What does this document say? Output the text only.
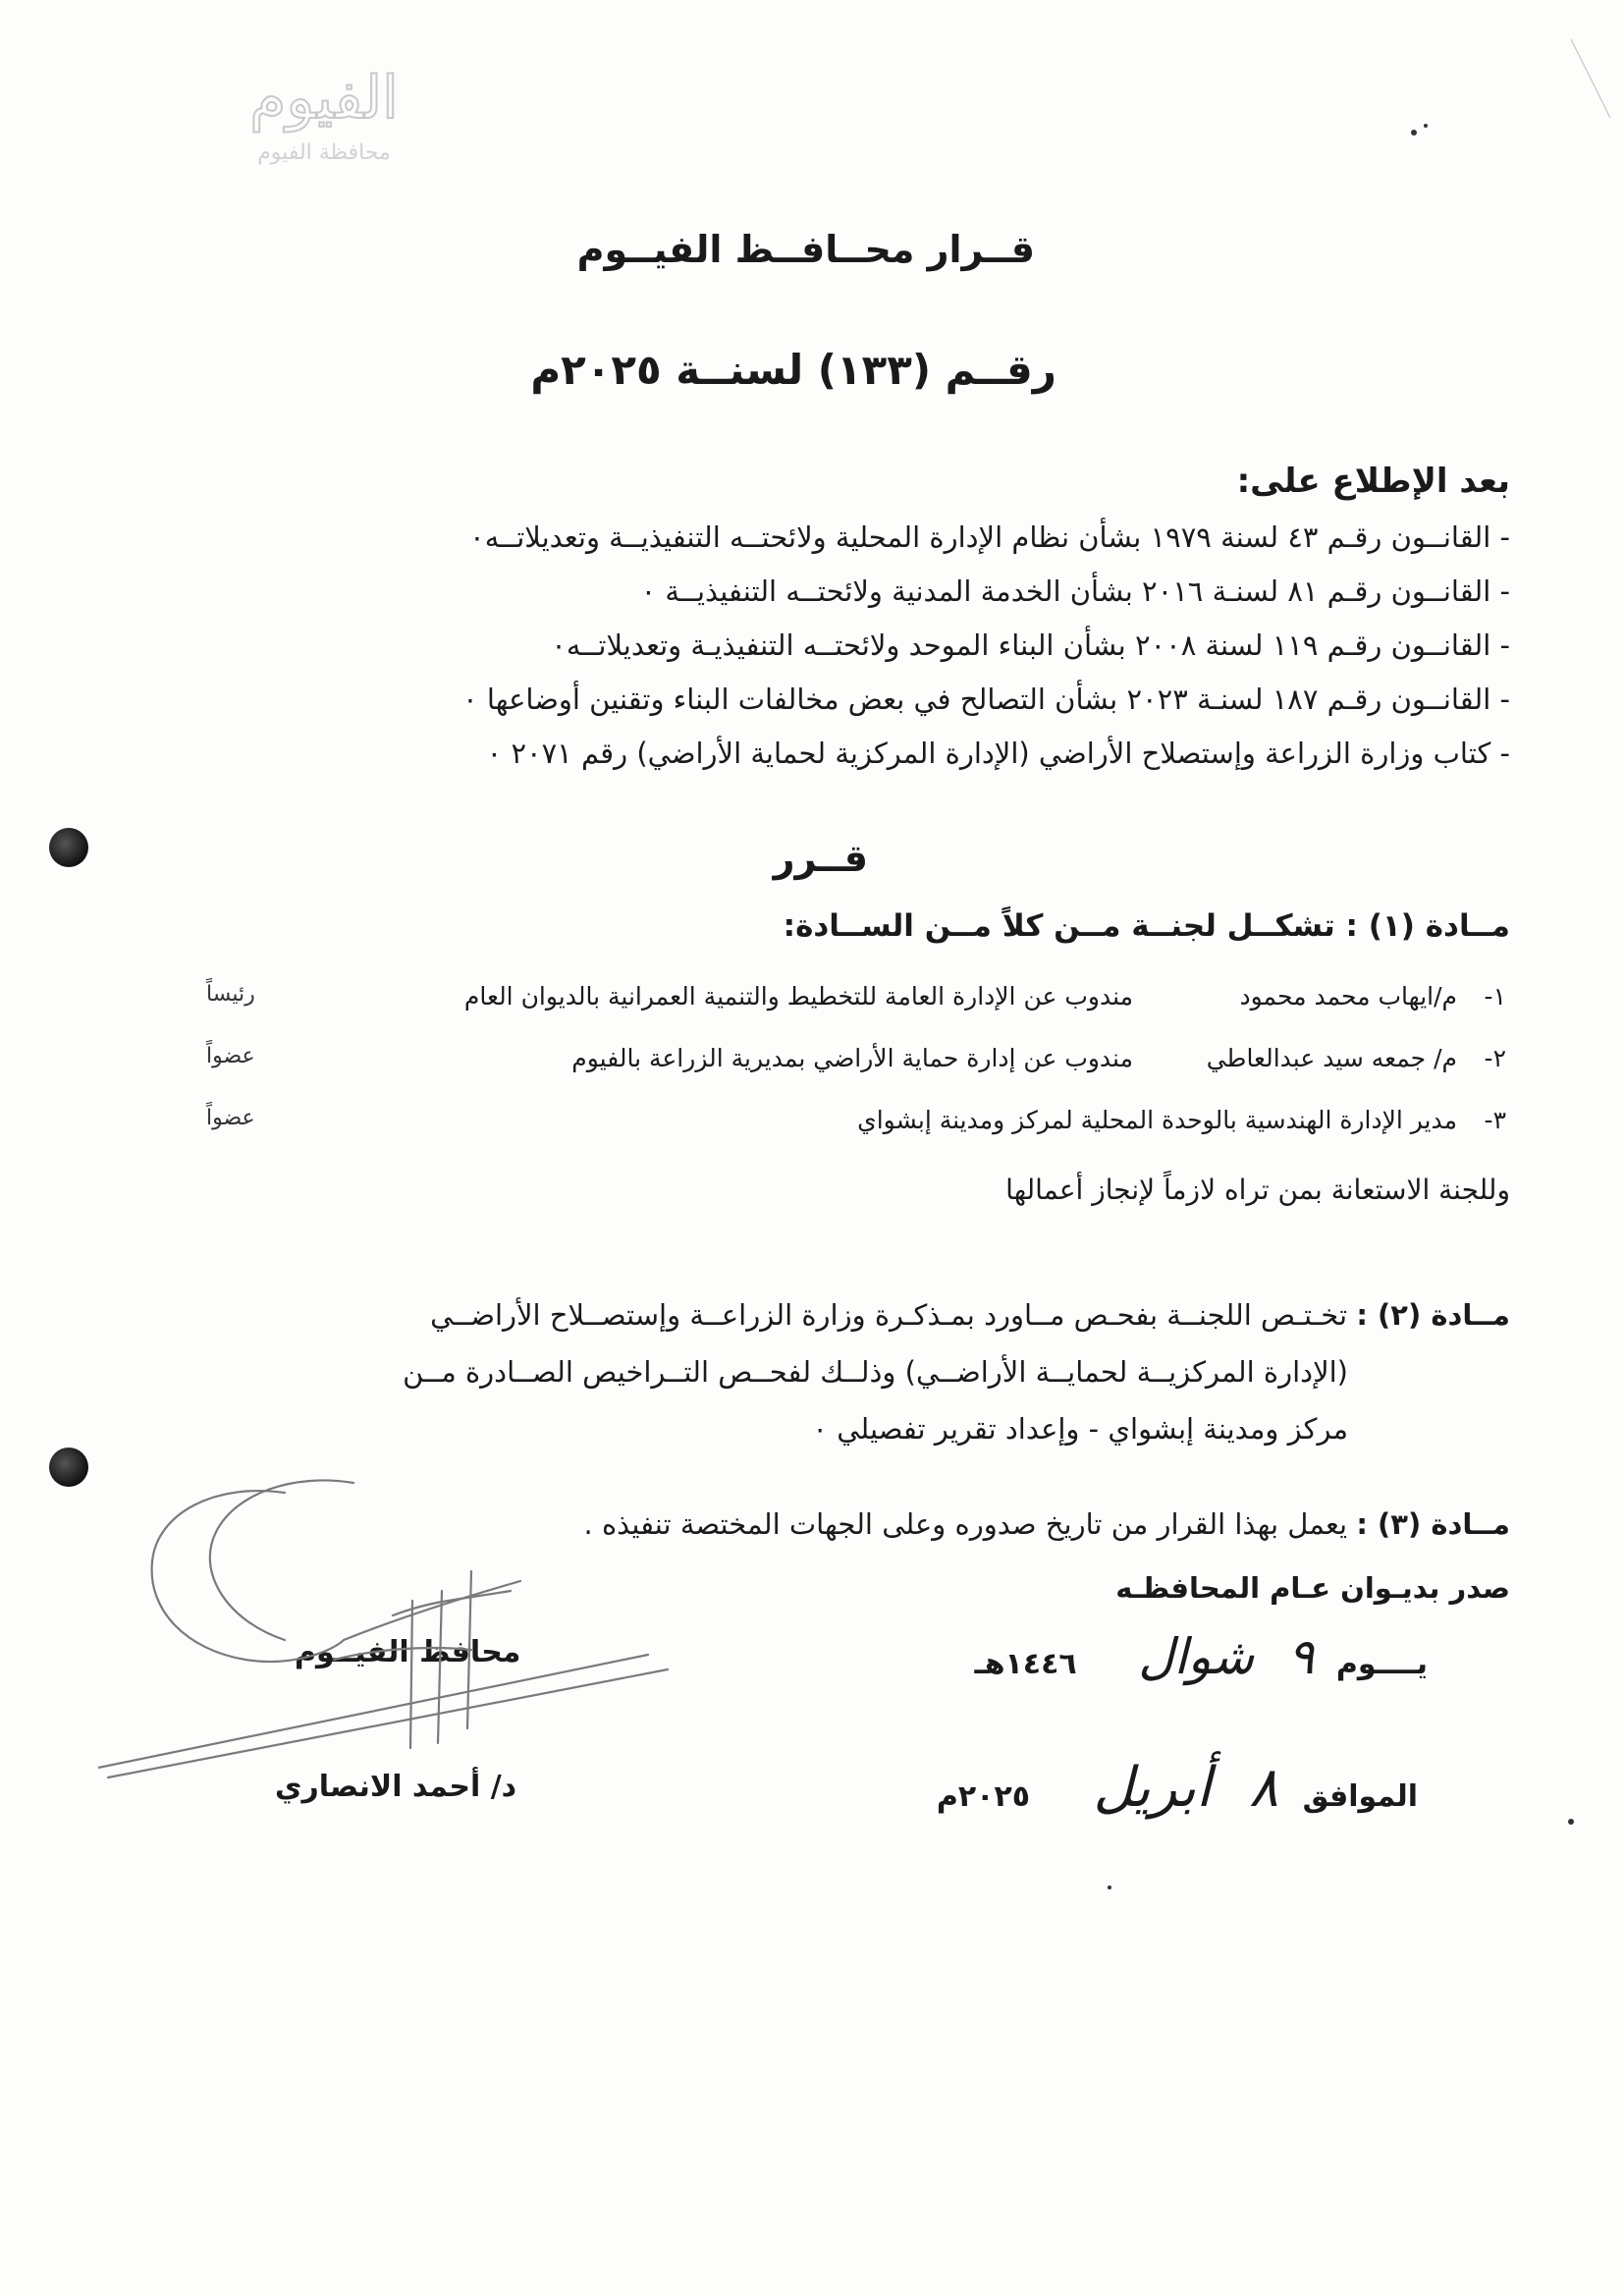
الفيوم
محافظة الفيوم
قــرار محــافــظ الفيــوم
رقــم (١٣٣) لسنــة ٢٠٢٥م
بعد الإطلاع على:
- القانــون رقـم ٤٣ لسنة ١٩٧٩ بشأن نظام الإدارة المحلية ولائحتــه التنفيذيــة وتعديلاتــه٠
- القانــون رقـم ٨١ لسنـة ٢٠١٦ بشأن الخدمة المدنية ولائحتــه التنفيذيــة ٠
- القانــون رقـم ١١٩ لسنة ٢٠٠٨ بشأن البناء الموحد ولائحتــه التنفيذيـة وتعديلاتــه٠
- القانــون رقـم ١٨٧ لسنـة ٢٠٢٣ بشأن التصالح في بعض مخالفات البناء وتقنين أوضاعها ٠
- كتاب وزارة الزراعة وإستصلاح الأراضي (الإدارة المركزية لحماية الأراضي) رقم ٢٠٧١ ٠
قــرر
مــادة (١) : تشكــل لجنــة مــن كلاً مــن الســادة:
١-
م/ايهاب محمد محمود
مندوب عن الإدارة العامة للتخطيط والتنمية العمرانية بالديوان العام
رئيساً
٢-
م/ جمعه سيد عبدالعاطي
مندوب عن إدارة حماية الأراضي بمديرية الزراعة بالفيوم
عضواً
٣-
مدير الإدارة الهندسية بالوحدة المحلية لمركز ومدينة إبشواي
عضواً
وللجنة الاستعانة بمن تراه لازماً لإنجاز أعمالها
مــادة (٢) : تخـتـص اللجنــة بفحـص مــاورد بمـذكـرة وزارة الزراعــة وإستصــلاح الأراضــي
(الإدارة المركزيــة لحمايــة الأراضــي) وذلــك لفحــص التــراخيص الصــادرة مــن
مركز ومدينة إبشواي - وإعداد تقرير تفصيلي ٠
مــادة (٣) : يعمل بهذا القرار من تاريخ صدوره وعلى الجهات المختصة تنفيذه .
صدر بديـوان عـام المحافظـه
يــــوم ٩ شوال ١٤٤٦هـ
الموافق ٨ أبريل ٢٠٢٥م
محافظ الفيــوم
د/ أحمد الانصاري
